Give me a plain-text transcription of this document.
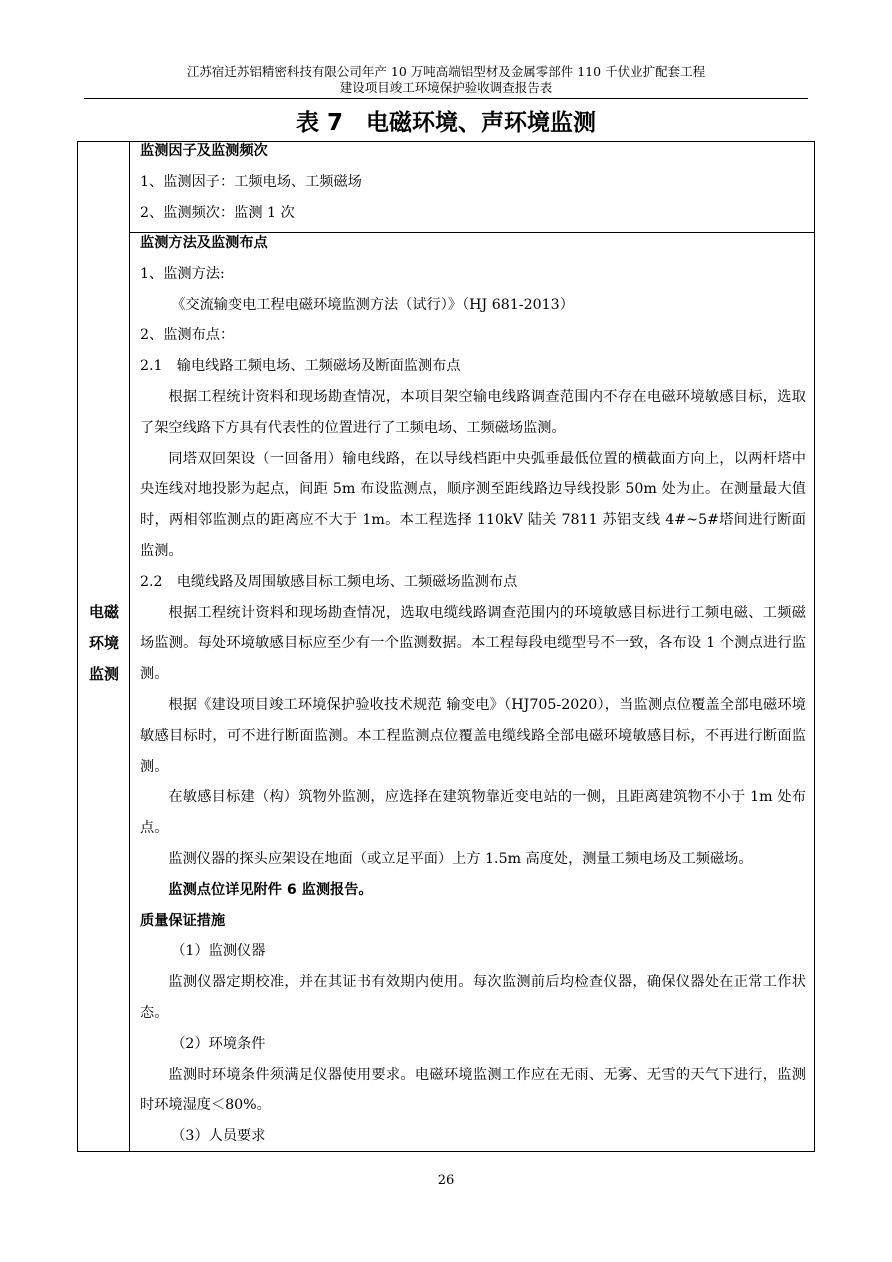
江苏宿迁苏铝精密科技有限公司年产 10 万吨高端铝型材及金属零部件 110 千伏业扩配套工程
建设项目竣工环境保护验收调查报告表
表 7　电磁环境、声环境监测
电磁
环境
监测

监测因子及监测频次

1、监测因子：工频电场、工频磁场

2、监测频次：监测 1 次

监测方法及监测布点

1、监测方法:

《交流输变电工程电磁环境监测方法（试行）》（HJ 681-2013）

2、监测布点：

2.1　输电线路工频电场、工频磁场及断面监测布点

根据工程统计资料和现场勘查情况，本项目架空输电线路调查范围内不存在电磁环境敏感目标，选取了架空线路下方具有代表性的位置进行了工频电场、工频磁场监测。

同塔双回架设（一回备用）输电线路，在以导线档距中央弧垂最低位置的横截面方向上，以两杆塔中央连线对地投影为起点，间距 5m 布设监测点，顺序测至距线路边导线投影 50m 处为止。在测量最大值时，两相邻监测点的距离应不大于 1m。本工程选择 110kV 陆关 7811 苏铝支线 4#~5#塔间进行断面监测。

2.2　电缆线路及周围敏感目标工频电场、工频磁场监测布点

根据工程统计资料和现场勘查情况，选取电缆线路调查范围内的环境敏感目标进行工频电磁、工频磁场监测。每处环境敏感目标应至少有一个监测数据。本工程每段电缆型号不一致，各布设 1 个测点进行监测。

根据《建设项目竣工环境保护验收技术规范 输变电》（HJ705-2020），当监测点位覆盖全部电磁环境敏感目标时，可不进行断面监测。本工程监测点位覆盖电缆线路全部电磁环境敏感目标，不再进行断面监测。

在敏感目标建（构）筑物外监测，应选择在建筑物靠近变电站的一侧，且距离建筑物不小于 1m 处布点。

监测仪器的探头应架设在地面（或立足平面）上方 1.5m 高度处，测量工频电场及工频磁场。

监测点位详见附件 6 监测报告。

质量保证措施

（1）监测仪器

监测仪器定期校准，并在其证书有效期内使用。每次监测前后均检查仪器，确保仪器处在正常工作状态。

（2）环境条件

监测时环境条件须满足仪器使用要求。电磁环境监测工作应在无雨、无雾、无雪的天气下进行，监测时环境湿度＜80%。

（3）人员要求

26
